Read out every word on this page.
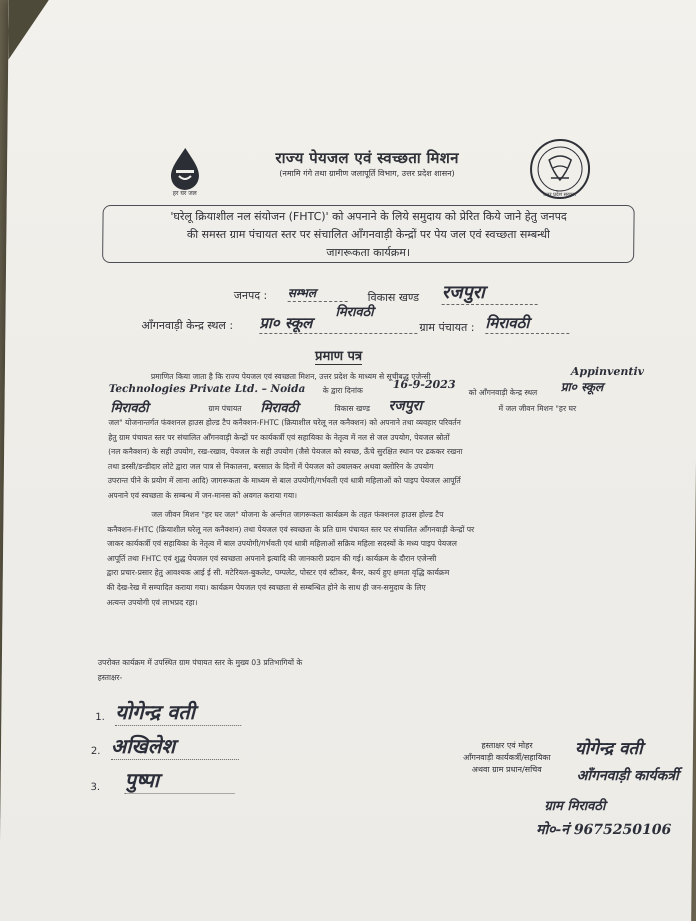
हर घर जल	उत्तर प्रदेश सरकार
राज्य पेयजल एवं स्वच्छता मिशन
(नमामि गंगे तथा ग्रामीण जलापूर्ति विभाग, उत्तर प्रदेश शासन)
'घरेलू क्रियाशील नल संयोजन (FHTC)' को अपनाने के लिये समुदाय को प्रेरित किये जाने हेतु जनपद
की समस्त ग्राम पंचायत स्तर पर संचालित आँगनवाड़ी केन्द्रों पर पेय जल एवं स्वच्छता सम्बन्धी
जागरूकता कार्यक्रम।
जनपद : सम्भल	विकास खण्ड रजपुरा
मिरावठी
आँगनवाड़ी केन्द्र स्थल : प्रा० स्कूल	ग्राम पंचायत : मिरावठी
प्रमाण पत्र
प्रमाणित किया जाता है कि राज्य पेयजल एवं स्वच्छता मिशन, उत्तर प्रदेश के माध्यम से सूचीबद्ध एजेन्सी	Appinventiv
Technologies Private Ltd. – Noida के द्वारा दिनांक	16-9-2023
को आँगनवाड़ी केन्द्र स्थल प्रा० स्कूल
मिरावठी	ग्राम पंचायत मिरावठी	विकास खण्ड रजपुरा	में जल जीवन मिशन "हर घर
जल" योजनान्तर्गत फंक्शनल हाउस होल्ड टैप कनैक्शन-FHTC (क्रियाशील घरेलू नल कनैक्शन) को अपनाने तथा व्यवहार परिवर्तन
हेतु ग्राम पंचायत स्तर पर संचालित आँगनवाड़ी केन्द्रों पर कार्यकर्त्री एवं सहायिका के नेतृत्व में नल से जल उपयोग, पेयजल स्रोतों
(नल कनैक्शन) के सही उपयोग, रख-रखाव, पेयजल के सही उपयोग (जैसे पेयजल को स्वच्छ, ऊँचे सुरक्षित स्थान पर ढककर रखना
तथा डस्सी/डन्डीदार लोटे द्वारा जल पात्र से निकालना, बरसात के दिनों में पेयजल को उबालकर अथवा क्लोरिन के उपयोग
उपरान्त पीने के प्रयोग में लाना आदि) जागरूकता के माध्यम से बाल उपयोगी/गर्भवती एवं धात्री महिलाओं को पाइप पेयजल आपूर्ति
अपनाने एवं स्वच्छता के सम्बन्ध में जन-मानस को अवगत कराया गया।
जल जीवन मिशन "हर घर जल" योजना के अर्न्तगत जागरूकता कार्यक्रम के तहत फंक्शनल हाउस होल्ड टैप
कनैक्शन-FHTC (क्रियाशील घरेलू नल कनैक्शन) तथा पेयजल एवं स्वच्छता के प्रति ग्राम पंचायत स्तर पर संचालित आँगनवाड़ी केन्द्रों पर
जाकर कार्यकर्त्री एवं सहायिका के नेतृत्व में बाल उपयोगी/गर्भवती एवं धात्री महिलाओं सक्रिय महिला सदस्यों के मध्य पाइप पेयजल
आपूर्ति तथा FHTC एवं शुद्ध पेयजल एवं स्वच्छता अपनाने इत्यादि की जानकारी प्रदान की गई। कार्यक्रम के दौरान एजेन्सी
द्वारा प्रचार-प्रसार हेतु आवश्यक आई ई सी. मटेरियल-बुकलेट, पम्पलेट, पोस्टर एवं स्टीकर, बैनर, कार्य हुए क्षमता वृद्धि कार्यक्रम
की देख-रेख में सम्पादित कराया गया। कार्यक्रम पेयजल एवं स्वच्छता से सम्बन्धित होने के साथ ही जन-समुदाय के लिए
अत्यन्त उपयोगी एवं लाभप्रद रहा।
उपरोक्त कार्यक्रम में उपस्थित ग्राम पंचायत स्तर के मुख्य 03 प्रतिभागियों के
हस्ताक्षर-
1. योगेन्द्र वती
2. अखिलेश
3. पुष्पा
हस्ताक्षर एवं मोहर
आँगनवाड़ी कार्यकर्त्री/सहायिका
अथवा ग्राम प्रधान/सचिव
योगेन्द्र वती
आँगनवाड़ी कार्यकर्त्री
ग्राम मिरावठी
मो०-नं 9675250106
